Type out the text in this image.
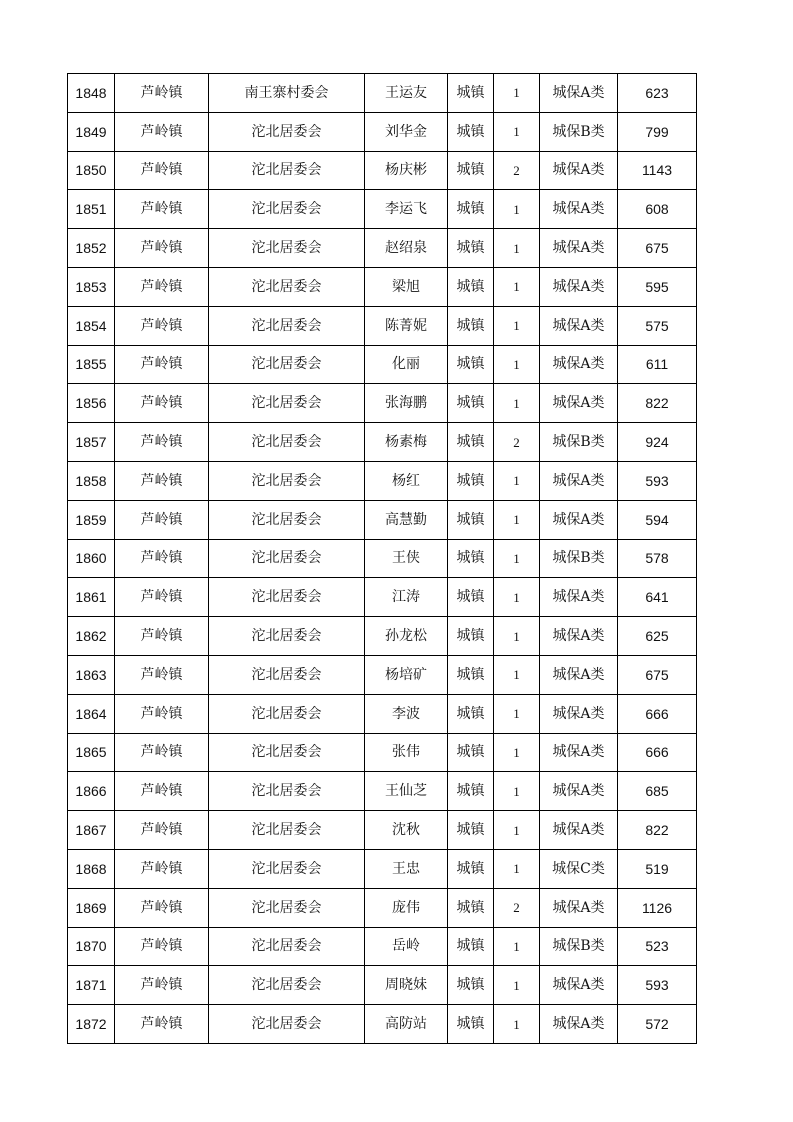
1848	芦岭镇	南王寨村委会	王运友	城镇	1	城保A类	623
1849	芦岭镇	沱北居委会	刘华金	城镇	1	城保B类	799
1850	芦岭镇	沱北居委会	杨庆彬	城镇	2	城保A类	1143
1851	芦岭镇	沱北居委会	李运飞	城镇	1	城保A类	608
1852	芦岭镇	沱北居委会	赵绍泉	城镇	1	城保A类	675
1853	芦岭镇	沱北居委会	梁旭	城镇	1	城保A类	595
1854	芦岭镇	沱北居委会	陈菁妮	城镇	1	城保A类	575
1855	芦岭镇	沱北居委会	化丽	城镇	1	城保A类	611
1856	芦岭镇	沱北居委会	张海鹏	城镇	1	城保A类	822
1857	芦岭镇	沱北居委会	杨素梅	城镇	2	城保B类	924
1858	芦岭镇	沱北居委会	杨红	城镇	1	城保A类	593
1859	芦岭镇	沱北居委会	高慧勤	城镇	1	城保A类	594
1860	芦岭镇	沱北居委会	王侠	城镇	1	城保B类	578
1861	芦岭镇	沱北居委会	江涛	城镇	1	城保A类	641
1862	芦岭镇	沱北居委会	孙龙松	城镇	1	城保A类	625
1863	芦岭镇	沱北居委会	杨培矿	城镇	1	城保A类	675
1864	芦岭镇	沱北居委会	李波	城镇	1	城保A类	666
1865	芦岭镇	沱北居委会	张伟	城镇	1	城保A类	666
1866	芦岭镇	沱北居委会	王仙芝	城镇	1	城保A类	685
1867	芦岭镇	沱北居委会	沈秋	城镇	1	城保A类	822
1868	芦岭镇	沱北居委会	王忠	城镇	1	城保C类	519
1869	芦岭镇	沱北居委会	庞伟	城镇	2	城保A类	1126
1870	芦岭镇	沱北居委会	岳岭	城镇	1	城保B类	523
1871	芦岭镇	沱北居委会	周晓妹	城镇	1	城保A类	593
1872	芦岭镇	沱北居委会	高防站	城镇	1	城保A类	572
